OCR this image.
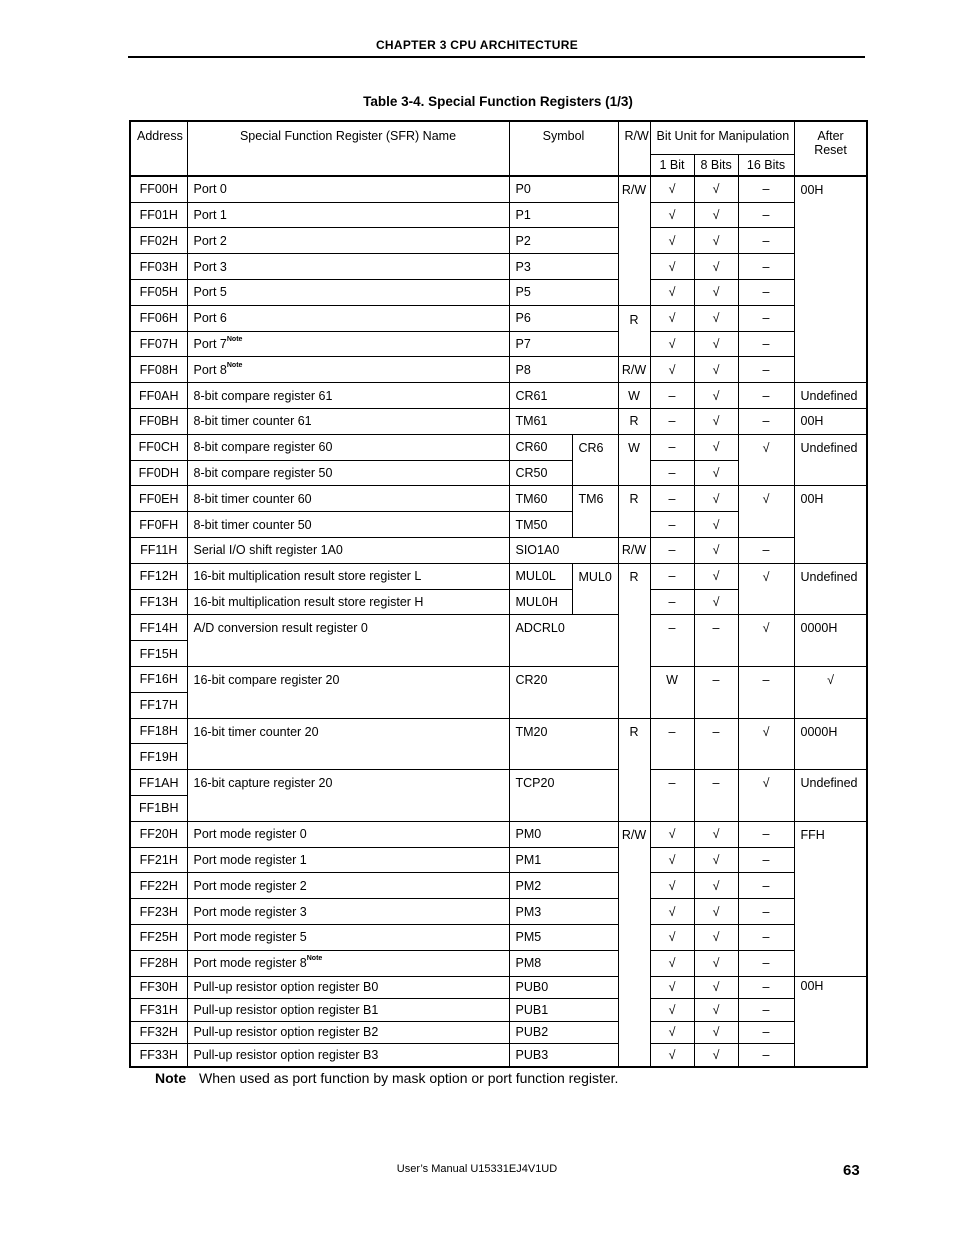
CHAPTER 3 CPU ARCHITECTURE
Table 3-4. Special Function Registers (1/3)
Address	Special Function Register (SFR) Name	Symbol		R/W	Bit Unit for Manipulation			After
Reset	
					1 Bit	8 Bits	16 Bits		
FF00H	Port 0	P0		R/W	√	√	–	00H	
FF01H	Port 1	P1			√	√	–		
FF02H	Port 2	P2			√	√	–		
FF03H	Port 3	P3			√	√	–		
FF05H	Port 5	P5			√	√	–		
FF06H	Port 6	P6		R	√	√	–		
FF07H	Port $7^{Note}$	P7			√	√	–		
FF08H	Port $8^{Note}$	P8		R/W	√	√	–		
FF0AH	8-bit compare register 61	CR61		W	–	√	–	Undefined	
FF0BH	8-bit timer counter 61	TM61		R	–	√	–	00H	
FF0CH	8-bit compare register 60	CR60	CR6	W	–	√	√	Undefined	
FF0DH	8-bit compare register 50	CR50			–	√			
FF0EH	8-bit timer counter 60	TM60	TM6	R	–	√	√	00H	
FF0FH	8-bit timer counter 50	TM50			–	√			
FF11H	Serial I/O shift register 1A0	SIO1A0		R/W	–	√	–		
FF12H	16-bit multiplication result store register L	MUL0L	MUL0	R	–	√	√	Undefined	
FF13H	16-bit multiplication result store register H	MUL0H			–	√			
FF14H	A/D conversion result register 0	ADCRL0			–	–	√	0000H	
FF15H									
FF16H	16-bit compare register 20	CR20			W	–	–	√	
FF17H									
FF18H	16-bit timer counter 20	TM20		R	–	–	√	0000H	
FF19H									
FF1AH	16-bit capture register 20	TCP20			–	–	√	Undefined	
FF1BH									
FF20H	Port mode register 0	PM0		R/W	√	√	–	FFH	
FF21H	Port mode register 1	PM1			√	√	–		
FF22H	Port mode register 2	PM2			√	√	–		
FF23H	Port mode register 3	PM3			√	√	–		
FF25H	Port mode register 5	PM5			√	√	–		
FF28H	Port mode register $8^{Note}$	PM8			√	√	–		
FF30H	Pull-up resistor option register B0	PUB0			√	√	–	00H	
FF31H	Pull-up resistor option register B1	PUB1			√	√	–		
FF32H	Pull-up resistor option register B2	PUB2			√	√	–		
FF33H	Pull-up resistor option register B3	PUB3			√	√	–		
Note When used as port function by mask option or port function register.
User’s Manual U15331EJ4V1UD	63
